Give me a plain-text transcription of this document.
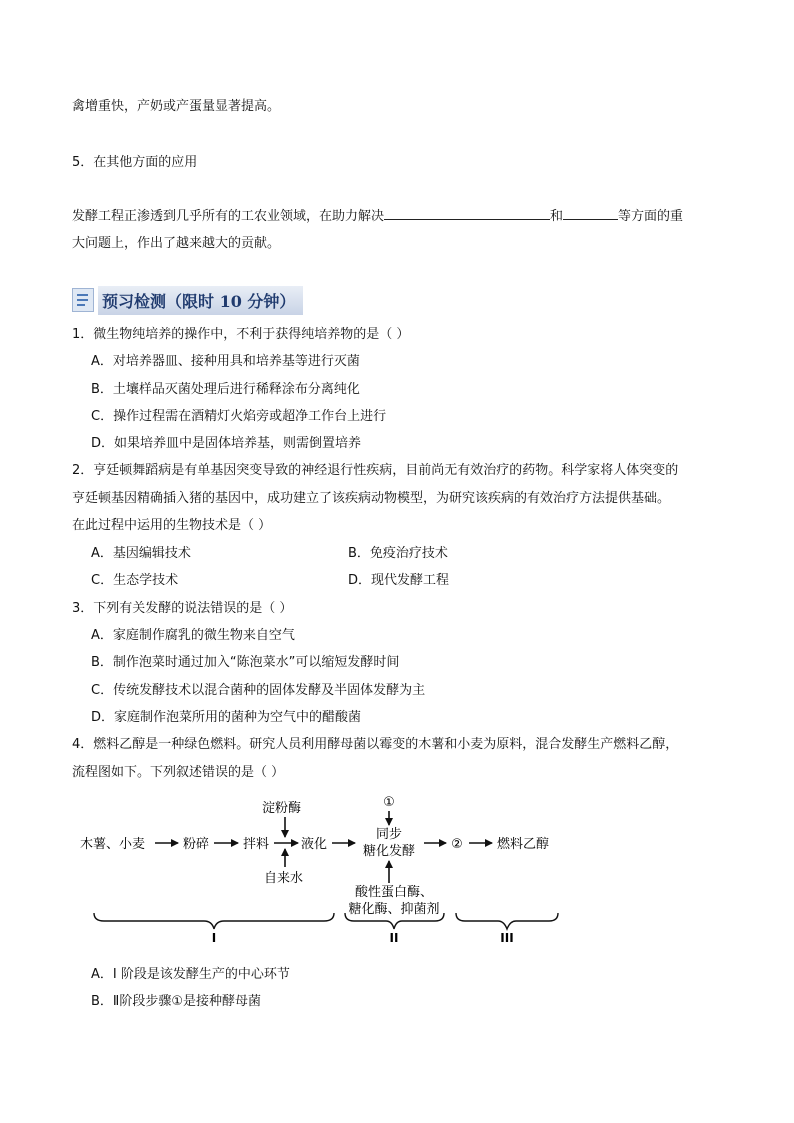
禽增重快，产奶或产蛋量显著提高。
5．在其他方面的应用
发酵工程正渗透到几乎所有的工农业领域，在助力解决	和	等方面的重
大问题上，作出了越来越大的贡献。
预习检测（限时 10 分钟）
1．微生物纯培养的操作中，不利于获得纯培养物的是（ ）
A．对培养器皿、接种用具和培养基等进行灭菌
B．土壤样品灭菌处理后进行稀释涂布分离纯化
C．操作过程需在酒精灯火焰旁或超净工作台上进行
D．如果培养皿中是固体培养基，则需倒置培养
2．亨廷顿舞蹈病是有单基因突变导致的神经退行性疾病，目前尚无有效治疗的药物。科学家将人体突变的
亨廷顿基因精确插入猪的基因中，成功建立了该疾病动物模型，为研究该疾病的有效治疗方法提供基础。
在此过程中运用的生物技术是（ ）
A．基因编辑技术	B．免疫治疗技术
C．生态学技术	D．现代发酵工程
3．下列有关发酵的说法错误的是（ ）
A．家庭制作腐乳的微生物来自空气
B．制作泡菜时通过加入“陈泡菜水”可以缩短发酵时间
C．传统发酵技术以混合菌种的固体发酵及半固体发酵为主
D．家庭制作泡菜所用的菌种为空气中的醋酸菌
4．燃料乙醇是一种绿色燃料。研究人员利用酵母菌以霉变的木薯和小麦为原料，混合发酵生产燃料乙醇，
流程图如下。下列叙述错误的是（ ）
木薯、小麦	粉碎	拌料 液化
淀粉酶
自来水
①
同步
糖化发酵	②	燃料乙醇
酸性蛋白酶、
糖化酶、抑菌剂
I	II	III
A．I 阶段是该发酵生产的中心环节
B．Ⅱ阶段步骤①是接种酵母菌
